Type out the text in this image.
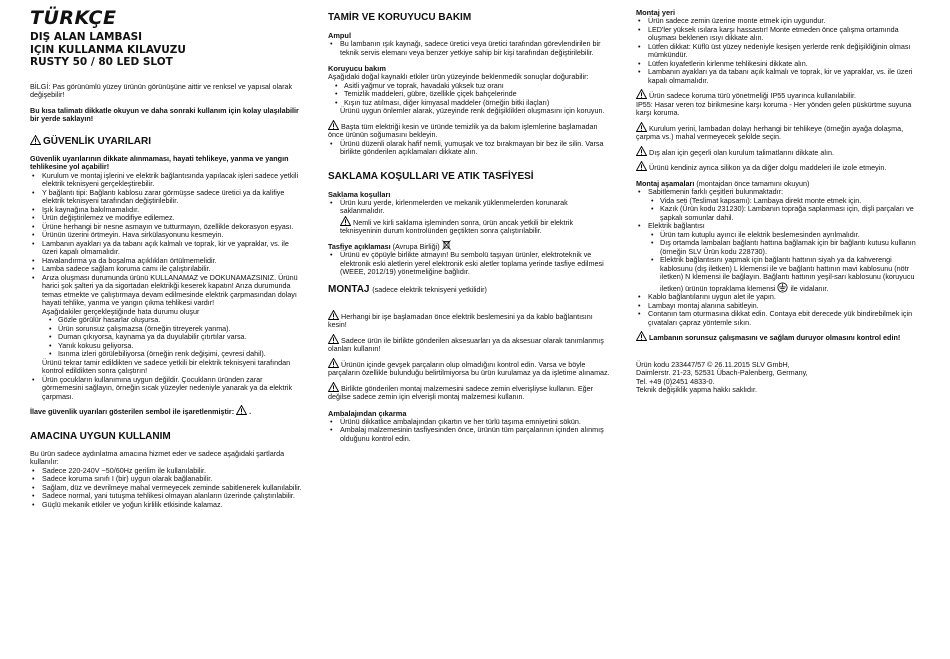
TÜRKÇE

DIŞ ALAN LAMBASI

IÇIN KULLANMA KILAVUZU

RUSTY 50 / 80 LED SLOT

BİLGİ: Pas görünümlü yüzey ürünün görünüşüne aittir ve renksel ve yapısal olarak değişebilir!

Bu kısa talimatı dikkatle okuyun ve daha sonraki kullanım için kolay ulaşılabilir bir yerde saklayın!

GÜVENLİK UYARILARI

Güvenlik uyarılarının dikkate alınmaması, hayati tehlikeye, yanma ve yangın tehlikesine yol açabilir!

• Kurulum ve montaj işlerini ve elektrik bağlantısında yapılacak işleri sadece yetkili elektrik teknisyeni gerçekleştirebilir.
• Y bağlantı tipi: Bağlantı kablosu zarar görmüşse sadece üretici ya da kalifiye elektrik teknisyeni tarafından değiştirilebilir.
• Işık kaynağına bakılmamalıdır.
• Ürün değiştirilemez ve modifiye edilemez.
• Ürüne herhangi bir nesne asmayın ve tutturmayın, özellikle dekorasyon eşyası.
• Ürünün üzerini örtmeyin. Hava sirkülasyonunu kesmeyin.
• Lambanın ayakları ya da tabanı açık kalmalı ve toprak, kir ve yapraklar, vs. ile üzeri kapalı olmamalıdır.
• Havalandırma ya da boşalma açıklıkları örtülmemelidir.
• Lamba sadece sağlam koruma camı ile çalıştırılabilir.
• Arıza oluşması durumunda ürünü KULLANAMAZ ve DOKUNAMAZSINIZ. Ürünü harici şok şalteri ya da sigortadan elektrikği keserek kapatın! Arıza durumunda temas etmekte ve çalıştırmaya devam edilmesinde elektrik çarpmasından dolayı hayati tehlike, yanma ve yangın çıkma tehlikesi vardır!

Aşağıdakiler gerçekleştiğinde hata durumu oluşur

• Gözle görülür hasarlar oluşursa.
• Ürün sorunsuz çalışmazsa (örneğin titreyerek yanma).
• Duman çıkıyorsa, kaynama ya da duyulabilir çıtırtılar varsa.
• Yanık kokusu geliyorsa.
• Isınma izleri görülebiliyorsa (örneğin renk değişimi, çevresi dahil).

Ürünü tekrar tamir edildikten ve sadece yetkili bir elektrik teknisyeni tarafından kontrol edildikten sonra çalıştırın!

• Ürün çocukların kullanımına uygun değildir. Çocukların üründen zarar görmemesini sağlayın, örneğin sıcak yüzeyler nedeniyle yanarak ya da elektrik çarpması.

İlave güvenlik uyarıları gösterilen sembol ile işaretlenmiştir: .

AMACINA UYGUN KULLANIM

Bu ürün sadece aydınlatma amacına hizmet eder ve sadece aşağıdaki şartlarda kullanılır:

• Sadece 220-240V ~50/60Hz gerilim ile kullanılabilir.
• Sadece koruma sınıfı I (bir) uygun olarak bağlanabilir.
• Sağlam, düz ve devrilmeye mahal vermeyecek zeminde sabitlenerek kullanılabilir.
• Sadece normal, yani tutuşma tehlikesi olmayan alanların üzerinde çalıştırılabilir.
• Güçlü mekanik etkiler ve yoğun kirlilik etkisinde kalamaz.
TAMİR VE KORUYUCU BAKIM
Ampul
• Bu lambanın ışık kaynağı, sadece üretici veya üretici tarafından görevlendirilen bir teknik servis elemanı veya benzer yetkiye sahip bir kişi tarafından değiştirilebilir.
Koruyucu bakım

Aşağıdaki doğal kaynaklı etkiler ürün yüzeyinde beklenmedik sonuçlar doğurabilir:

• Asitli yağmur ve toprak, havadaki yüksek tuz oranı
• Temizlik maddeleri, gübre, özellikle çiçek bahçelerinde
• Kışın tuz atılması, diğer kimyasal maddeler (örneğin bitki ilaçları)

Ürünü uygun önlemler alarak, yüzeyinde renk değişiklikleri oluşmasını için koruyun.

Başta tüm elektriği kesin ve üründe temizlik ya da bakım işlemlerine başlamadan önce ürünün soğumasını bekleyin.

• Ürünü düzenli olarak hafif nemli, yumuşak ve toz bırakmayan bir bez ile silin. Varsa birlikte gönderilen açıklamaları dikkate alın.
SAKLAMA KOŞULLARI VE ATIK TASFİYESİ
Saklama koşulları
• Ürün kuru yerde, kirlenmelerden ve mekanik yüklenmelerden korunarak saklanmalıdır.

Nemli ve kirli saklama işleminden sonra, ürün ancak yetkili bir elektrik teknisyeninin durum kontrolünden geçtikten sonra çalıştırılabilir.

Tasfiye açıklaması (Avrupa Birliği)

• Ürünü ev çöpüyle birlikte atmayın! Bu sembolü taşıyan ürünler, elektroteknik ve elektronik eski aletlerin yerel elektronik eski aletler toplama yerinde tasfiye edilmesi (WEEE, 2012/19) yönetmeliğine bağlıdır.
MONTAJ (sadece elektrik teknisyeni yetkilidir)

Herhangi bir işe başlamadan önce elektrik beslemesini ya da kablo bağlantısını kesin!

Sadece ürün ile birlikte gönderilen aksesuarları ya da aksesuar olarak tanımlanmış olanları kullanın!

Ürünün içinde gevşek parçaların olup olmadığını kontrol edin. Varsa ve böyle parçaların özellikle bulunduğu belirtilmiyorsa bu ürün kurulamaz ya da işletime alınamaz.

Birlikte gönderilen montaj malzemesini sadece zemin elverişliyse kullanın. Eğer değilse sadece zemin için elverişli montaj malzemesi kullanın.

Ambalajından çıkarma
• Ürünü dikkatlice ambalajından çıkartın ve her türlü taşıma emniyetini sökün.
• Ambalaj malzemesinin tasfiyesinden önce, ürünün tüm parçalarının içinden alınmış olduğunu kontrol edin.
Montaj yeri
• Ürün sadece zemin üzerine monte etmek için uygundur.
• LED'ler yüksek ısılara karşı hassastır! Monte etmeden önce çalışma ortamında oluşması beklenen ısıyı dikkate alın.
• Lütfen dikkat: Küflü üst yüzey nedeniyle kesişen yerlerde renk değişikliğinin olması mümkündür.
• Lütfen kıyafetlerin kirlenme tehlikesini dikkate alın.
• Lambanın ayakları ya da tabanı açık kalmalı ve toprak, kir ve yapraklar, vs. ile üzeri kapalı olmamalıdır.

Ürün sadece koruma türü yönetmeliği IP55 uyarınca kullanılabilir.

IP55: Hasar veren toz birikmesine karşı koruma - Her yönden gelen püskürtme suyuna karşı koruma.

Kurulum yerini, lambadan dolayı herhangi bir tehlikeye (örneğin ayağa dolaşma, çarpma vs.) mahal vermeyecek şekilde seçin.

Dış alan için geçerli olan kurulum talimatlarını dikkate alın.

Ürünü kendiniz ayrıca silikon ya da diğer dolgu maddeleri ile izole etmeyin.

Montaj aşamaları (montajdan önce tamamını okuyun)

• Sabitlemenin farklı çeşitleri bulunmaktadır:
• Vida seti (Teslimat kapsamı): Lambaya direkt monte etmek için.
• Kazık (Ürün kodu 231230): Lambanın toprağa saplanması için, dişli parçaları ve şapkalı somunlar dahil.
• Elektrik bağlantısı
• Ürün tam kutuplu ayırıcı ile elektrik beslemesinden ayrılmalıdır.
• Dış ortamda lambaları bağlantı hattına bağlamak için bir bağlantı kutusu kullanın (örneğin SLV Ürün kodu 228730).
• Elektrik bağlantısını yapmak için bağlantı hattının siyah ya da kahverengi kablosunu (dış iletken) L klemensi ile ve bağlantı hattının mavi kablosunu (nötr iletken) N klemensi ile bağlayın. Bağlantı hattının yeşil-sarı kablosunu (koruyucu iletken) ürünün topraklama klemensi ile vidalanır.
• Kablo bağlantılarını uygun alet ile yapın.
• Lambayı montaj alanına sabitleyin.
• Contanın tam oturmasına dikkat edin. Contaya ebit derecede yük bindirebilmek için çıvataları çapraz yöntemle sıkın.

Lambanın sorunsuz çalışmasını ve sağlam duruyor olmasını kontrol edin!

Ürün kodu 233447/57 © 26.11.2015 SLV GmbH,

Daimlerstr. 21-23, 52531 Übach-Palenberg, Germany,

Tel. +49 (0)2451 4833-0.

Teknik değişiklik yapma hakkı saklıdır.
